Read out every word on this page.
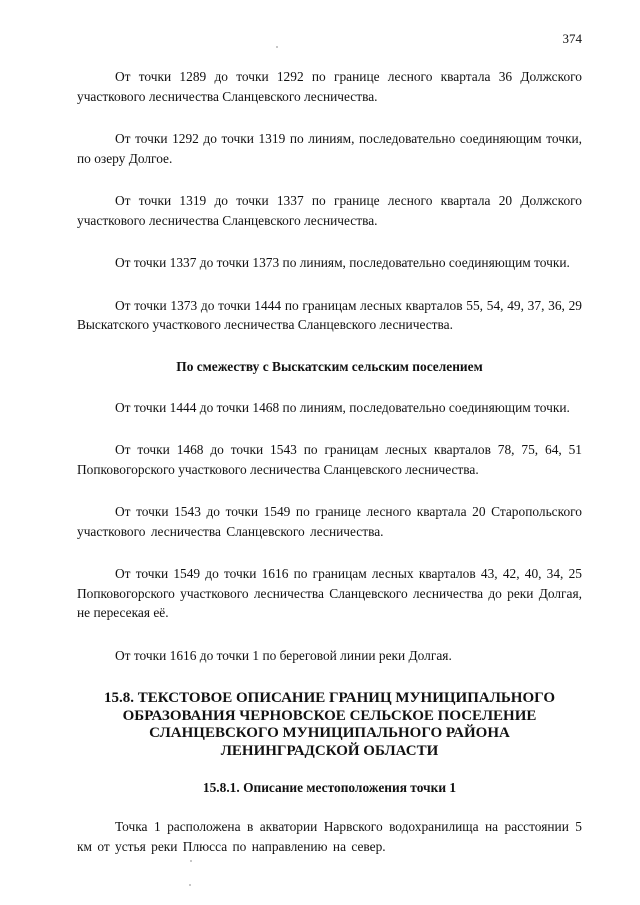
374

От точки 1289 до точки 1292 по границе лесного квартала 36 Должского участкового лесничества Сланцевского лесничества.

От точки 1292 до точки 1319 по линиям, последовательно соединяющим точки, по озеру Долгое.

От точки 1319 до точки 1337 по границе лесного квартала 20 Должского участкового лесничества Сланцевского лесничества.

От точки 1337 до точки 1373 по линиям, последовательно соединяющим точки.

От точки 1373 до точки 1444 по границам лесных кварталов 55, 54, 49, 37, 36, 29 Выскатского участкового лесничества Сланцевского лесничества.

По смежеству с Выскатским сельским поселением

От точки 1444 до точки 1468 по линиям, последовательно соединяющим точки.

От точки 1468 до точки 1543 по границам лесных кварталов 78, 75, 64, 51 Попковогорского участкового лесничества Сланцевского лесничества.

От точки 1543 до точки 1549 по границе лесного квартала 20 Старопольского участкового лесничества Сланцевского лесничества.

От точки 1549 до точки 1616 по границам лесных кварталов 43, 42, 40, 34, 25 Попковогорского участкового лесничества Сланцевского лесничества до реки Долгая, не пересекая её.

От точки 1616 до точки 1 по береговой линии реки Долгая.

15.8. ТЕКСТОВОЕ ОПИСАНИЕ ГРАНИЦ МУНИЦИПАЛЬНОГО ОБРАЗОВАНИЯ ЧЕРНОВСКОЕ СЕЛЬСКОЕ ПОСЕЛЕНИЕ СЛАНЦЕВСКОГО МУНИЦИПАЛЬНОГО РАЙОНА ЛЕНИНГРАДСКОЙ ОБЛАСТИ
15.8.1. Описание местоположения точки 1

Точка 1 расположена в акватории Нарвского водохранилища на расстоянии 5 км от устья реки Плюсса по направлению на север.
